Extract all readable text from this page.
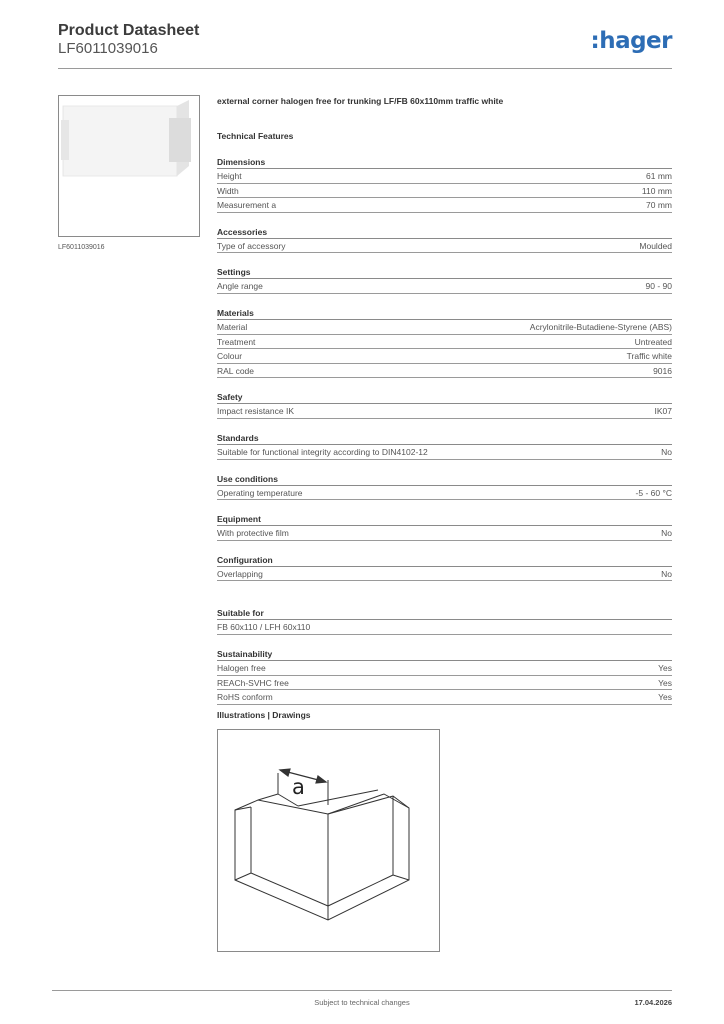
Product Datasheet
LF6011039016	:hager
LF6011039016
external corner halogen free for trunking LF/FB 60x110mm traffic white
Technical Features
Dimensions
Height	61 mm
Width	110 mm
Measurement a	70 mm
Accessories
Type of accessory	Moulded
Settings
Angle range	90 - 90
Materials
Material	Acrylonitrile-Butadiene-Styrene (ABS)
Treatment	Untreated
Colour	Traffic white
RAL code	9016
Safety
Impact resistance IK	IK07
Standards
Suitable for functional integrity according to DIN4102-12	No
Use conditions
Operating temperature	-5 - 60 °C
Equipment
With protective film	No
Configuration
Overlapping	No
Suitable for
FB 60x110 / LFH 60x110
Sustainability
Halogen free	Yes
REACh-SVHC free	Yes
RoHS conform	Yes
Illustrations | Drawings
a
Subject to technical changes	17.04.2026
